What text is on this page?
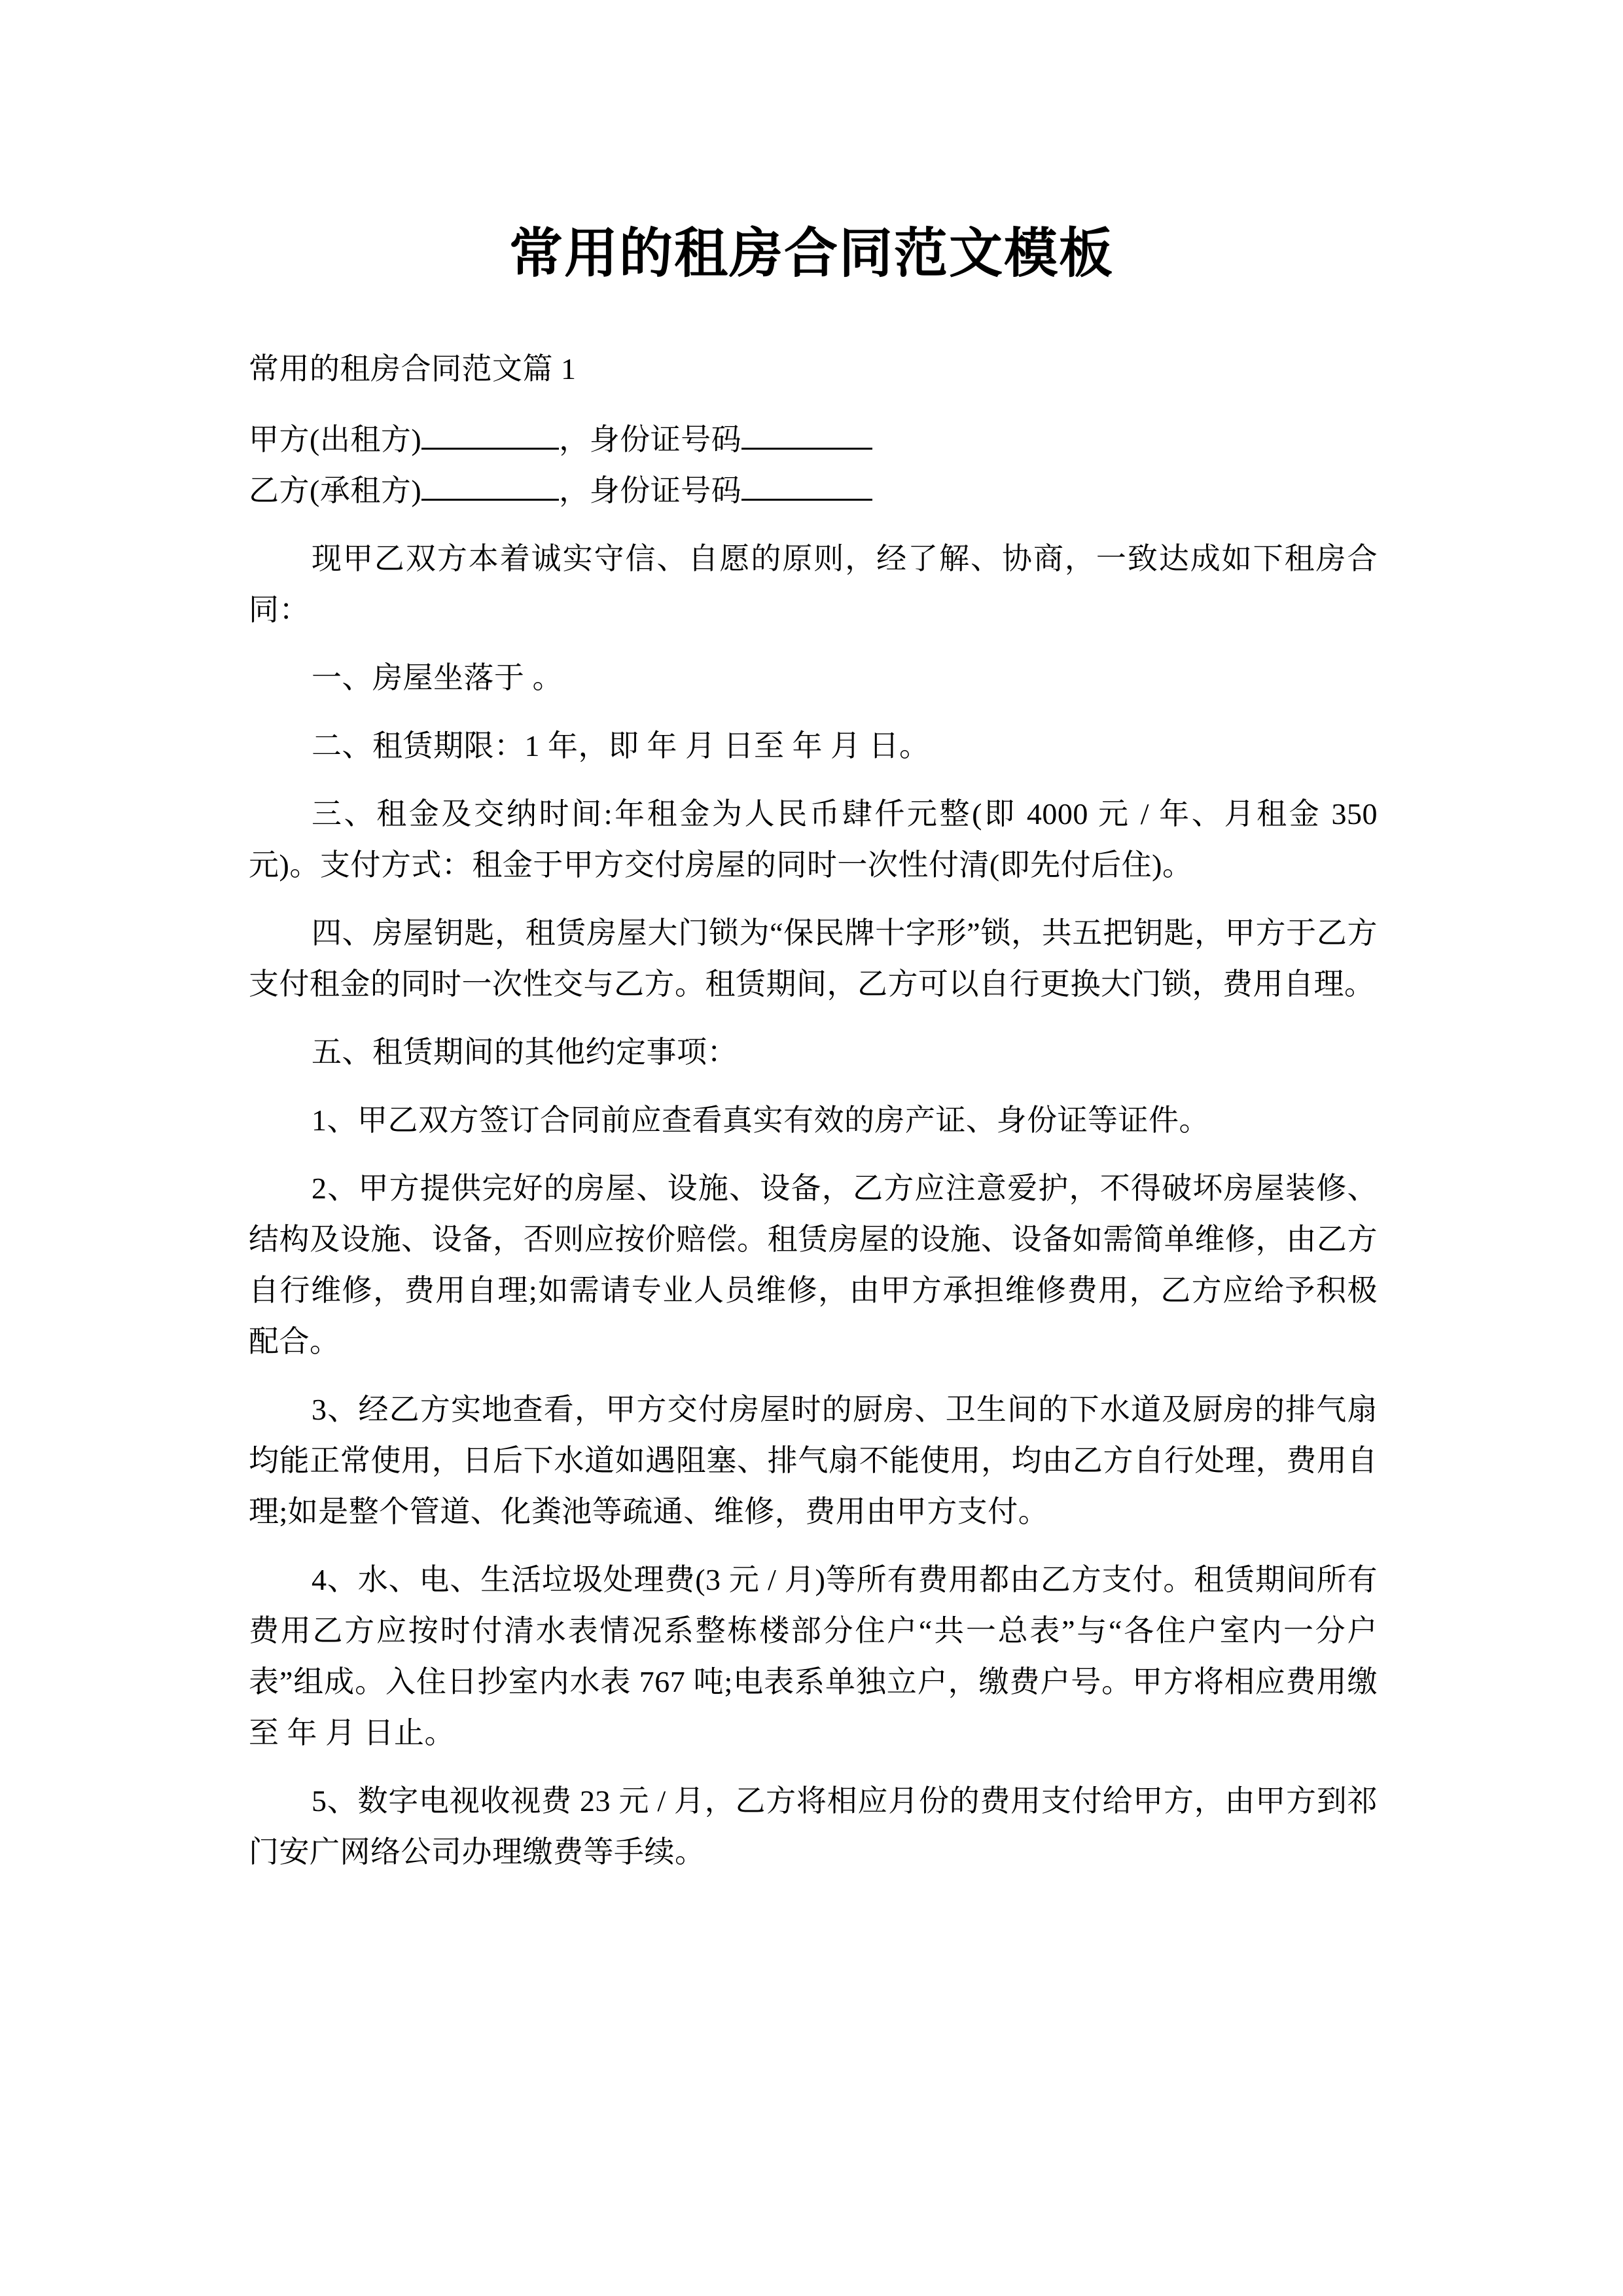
常用的租房合同范文模板

常用的租房合同范文篇 1

甲方(出租方)	，身份证号码

乙方(承租方)	，身份证号码

现甲乙双方本着诚实守信、自愿的原则，经了解、协商，一致达成如下租房合同：

一、房屋坐落于 。

二、租赁期限：1 年，即 年 月 日至 年 月 日。

三、租金及交纳时间:年租金为人民币肆仟元整(即 4000 元 / 年、月租金 350 元)。支付方式：租金于甲方交付房屋的同时一次性付清(即先付后住)。

四、房屋钥匙，租赁房屋大门锁为“保民牌十字形”锁，共五把钥匙，甲方于乙方支付租金的同时一次性交与乙方。租赁期间，乙方可以自行更换大门锁，费用自理。

五、租赁期间的其他约定事项：

1、甲乙双方签订合同前应查看真实有效的房产证、身份证等证件。

2、甲方提供完好的房屋、设施、设备，乙方应注意爱护，不得破坏房屋装修、结构及设施、设备，否则应按价赔偿。租赁房屋的设施、设备如需简单维修，由乙方自行维修，费用自理;如需请专业人员维修，由甲方承担维修费用，乙方应给予积极配合。

3、经乙方实地查看，甲方交付房屋时的厨房、卫生间的下水道及厨房的排气扇均能正常使用，日后下水道如遇阻塞、排气扇不能使用，均由乙方自行处理，费用自理;如是整个管道、化粪池等疏通、维修，费用由甲方支付。

4、水、电、生活垃圾处理费(3 元 / 月)等所有费用都由乙方支付。租赁期间所有费用乙方应按时付清水表情况系整栋楼部分住户“共一总表”与“各住户室内一分户表”组成。入住日抄室内水表 767 吨;电表系单独立户，缴费户号。甲方将相应费用缴至 年 月 日止。

5、数字电视收视费 23 元 / 月，乙方将相应月份的费用支付给甲方，由甲方到祁门安广网络公司办理缴费等手续。
